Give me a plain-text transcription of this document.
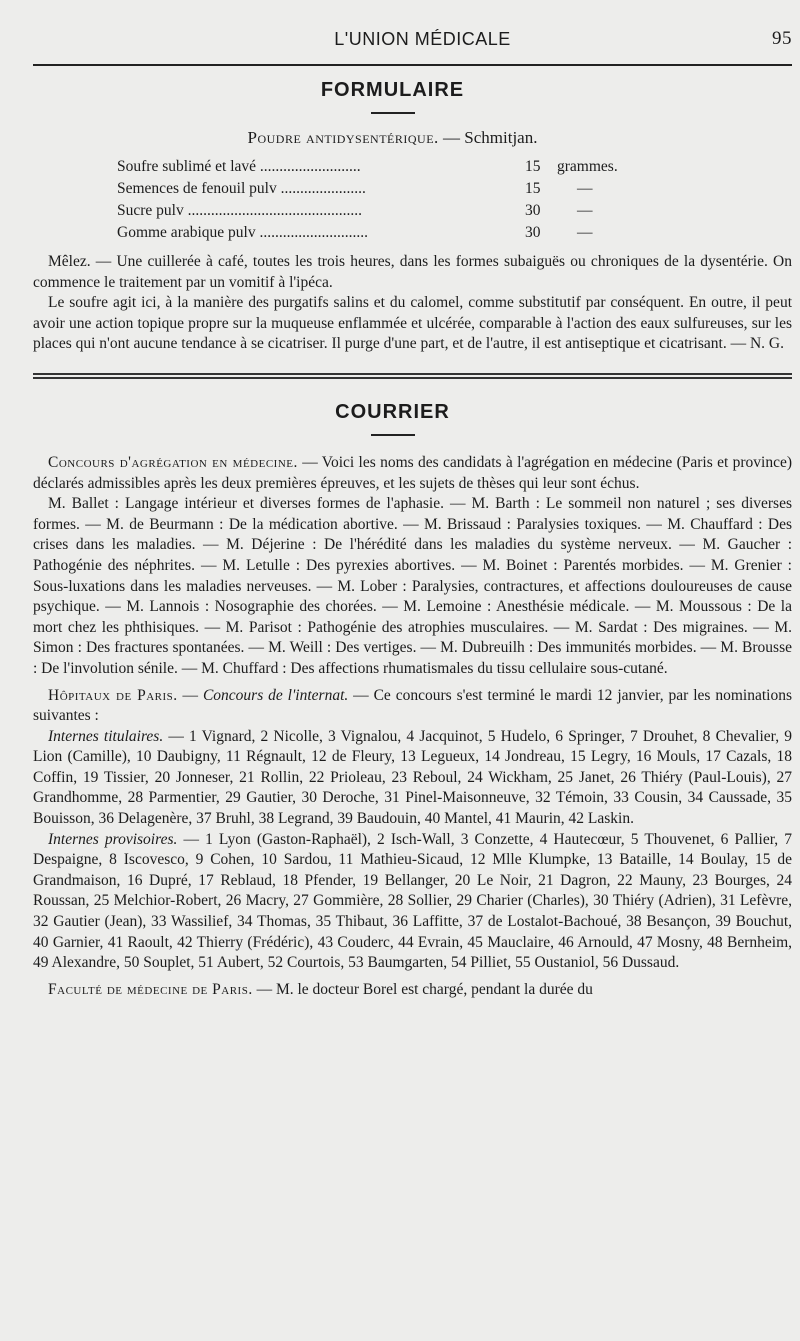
L'UNION MÉDICALE	95
FORMULAIRE
Poudre antidysentérique. — Schmitjan.
Soufre sublimé et lavé ..........................	15 grammes.
Semences de fenouil pulv ......................	15 —
Sucre pulv .............................................	30 —
Gomme arabique pulv ............................	30 —

Mêlez. — Une cuillerée à café, toutes les trois heures, dans les formes subaiguës ou chroniques de la dysentérie. On commence le traitement par un vomitif à l'ipéca.

Le soufre agit ici, à la manière des purgatifs salins et du calomel, comme substitutif par conséquent. En outre, il peut avoir une action topique propre sur la muqueuse enflammée et ulcérée, comparable à l'action des eaux sulfureuses, sur les places qui n'ont aucune tendance à se cicatriser. Il purge d'une part, et de l'autre, il est antiseptique et cicatrisant. — N. G.

COURRIER

Concours d'agrégation en médecine. — Voici les noms des candidats à l'agrégation en médecine (Paris et province) déclarés admissibles après les deux premières épreuves, et les sujets de thèses qui leur sont échus.

M. Ballet : Langage intérieur et diverses formes de l'aphasie. — M. Barth : Le sommeil non naturel ; ses diverses formes. — M. de Beurmann : De la médication abortive. — M. Brissaud : Paralysies toxiques. — M. Chauffard : Des crises dans les maladies. — M. Déjerine : De l'hérédité dans les maladies du système nerveux. — M. Gaucher : Pathogénie des néphrites. — M. Letulle : Des pyrexies abortives. — M. Boinet : Parentés morbides. — M. Grenier : Sous-luxations dans les maladies nerveuses. — M. Lober : Paralysies, contractures, et affections douloureuses de cause psychique. — M. Lannois : Nosographie des chorées. — M. Lemoine : Anesthésie médicale. — M. Moussous : De la mort chez les phthisiques. — M. Parisot : Pathogénie des atrophies musculaires. — M. Sardat : Des migraines. — M. Simon : Des fractures spontanées. — M. Weill : Des vertiges. — M. Dubreuilh : Des immunités morbides. — M. Brousse : De l'involution sénile. — M. Chuffard : Des affections rhumatismales du tissu cellulaire sous-cutané.

Hôpitaux de Paris. — Concours de l'internat. — Ce concours s'est terminé le mardi 12 janvier, par les nominations suivantes :

Internes titulaires. — 1 Vignard, 2 Nicolle, 3 Vignalou, 4 Jacquinot, 5 Hudelo, 6 Springer, 7 Drouhet, 8 Chevalier, 9 Lion (Camille), 10 Daubigny, 11 Régnault, 12 de Fleury, 13 Legueux, 14 Jondreau, 15 Legry, 16 Mouls, 17 Cazals, 18 Coffin, 19 Tissier, 20 Jonneser, 21 Rollin, 22 Prioleau, 23 Reboul, 24 Wickham, 25 Janet, 26 Thiéry (Paul-Louis), 27 Grandhomme, 28 Parmentier, 29 Gautier, 30 Deroche, 31 Pinel-Maisonneuve, 32 Témoin, 33 Cousin, 34 Caussade, 35 Bouisson, 36 Delagenère, 37 Bruhl, 38 Legrand, 39 Baudouin, 40 Mantel, 41 Maurin, 42 Laskin.

Internes provisoires. — 1 Lyon (Gaston-Raphaël), 2 Isch-Wall, 3 Conzette, 4 Hautecœur, 5 Thouvenet, 6 Pallier, 7 Despaigne, 8 Iscovesco, 9 Cohen, 10 Sardou, 11 Mathieu-Sicaud, 12 Mlle Klumpke, 13 Bataille, 14 Boulay, 15 de Grandmaison, 16 Dupré, 17 Reblaud, 18 Pfender, 19 Bellanger, 20 Le Noir, 21 Dagron, 22 Mauny, 23 Bourges, 24 Roussan, 25 Melchior-Robert, 26 Macry, 27 Gommière, 28 Sollier, 29 Charier (Charles), 30 Thiéry (Adrien), 31 Lefèvre, 32 Gautier (Jean), 33 Wassilief, 34 Thomas, 35 Thibaut, 36 Laffitte, 37 de Lostalot-Bachoué, 38 Besançon, 39 Bouchut, 40 Garnier, 41 Raoult, 42 Thierry (Frédéric), 43 Couderc, 44 Evrain, 45 Mauclaire, 46 Arnould, 47 Mosny, 48 Bernheim, 49 Alexandre, 50 Souplet, 51 Aubert, 52 Courtois, 53 Baumgarten, 54 Pilliet, 55 Oustaniol, 56 Dussaud.

Faculté de médecine de Paris. — M. le docteur Borel est chargé, pendant la durée du
